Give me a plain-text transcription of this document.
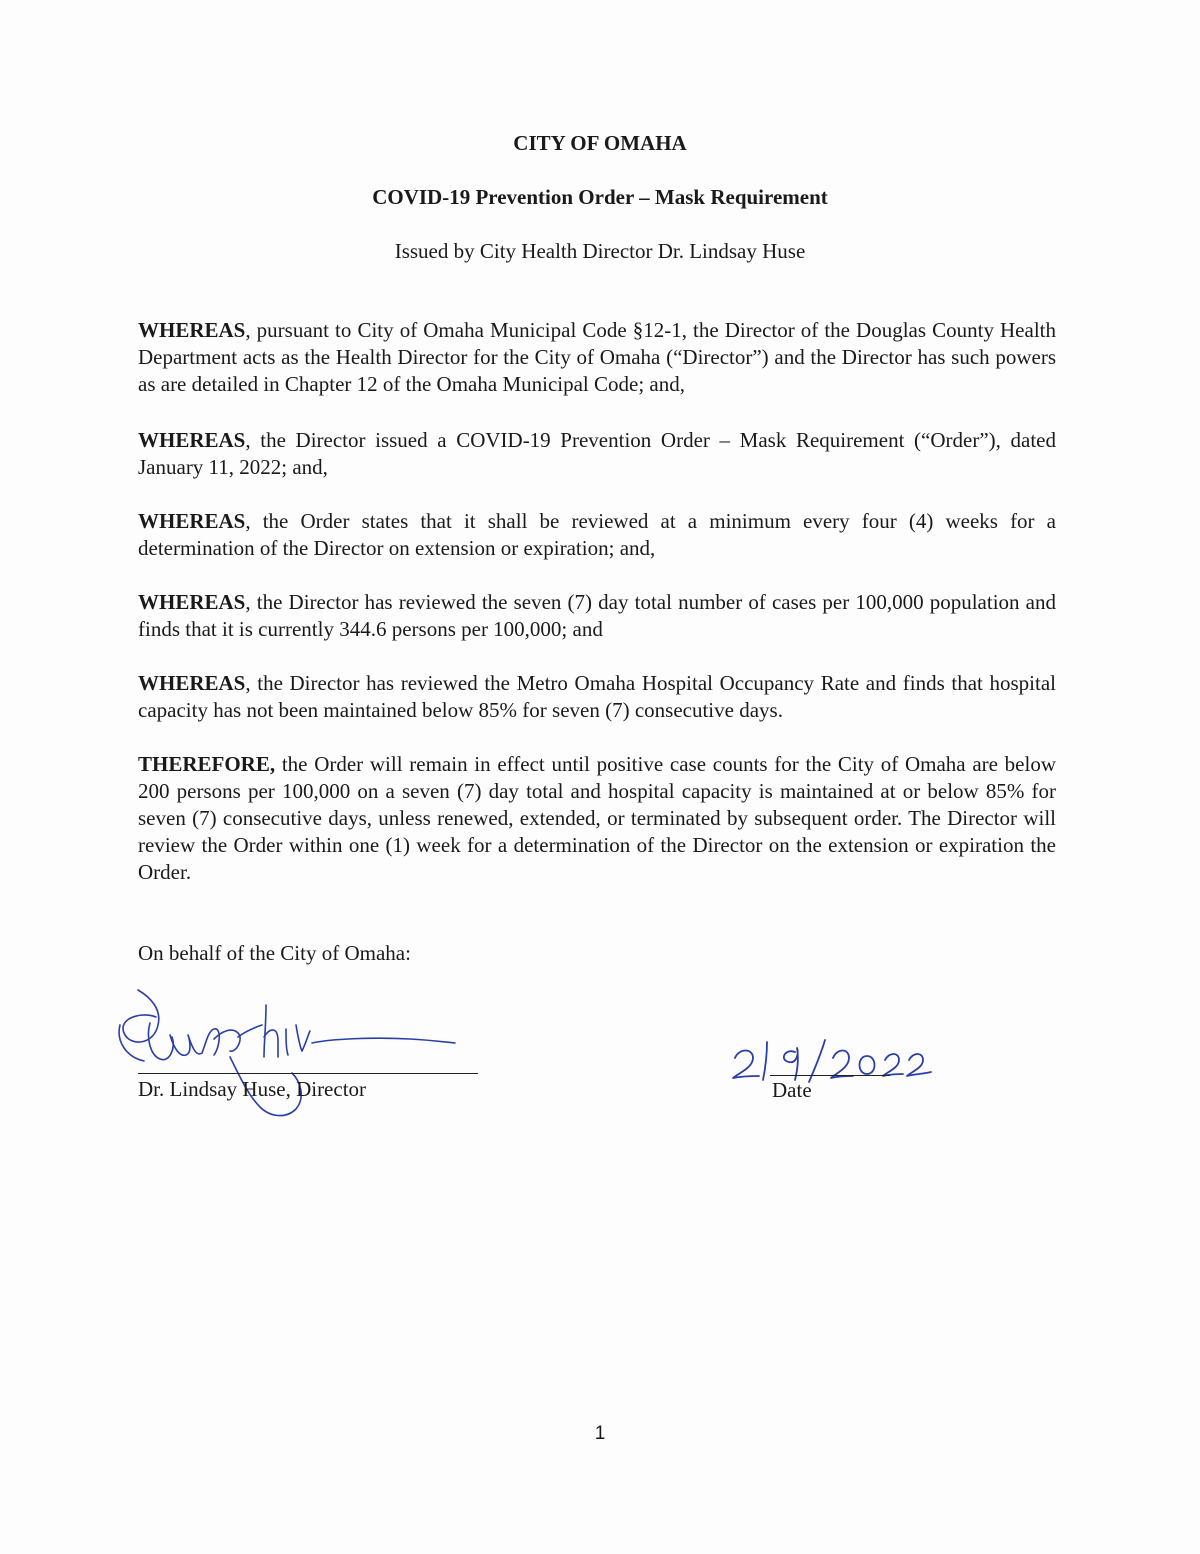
CITY OF OMAHA
COVID-19 Prevention Order – Mask Requirement
Issued by City Health Director Dr. Lindsay Huse

WHEREAS, pursuant to City of Omaha Municipal Code §12-1, the Director of the Douglas County Health Department acts as the Health Director for the City of Omaha (“Director”) and the Director has such powers as are detailed in Chapter 12 of the Omaha Municipal Code; and,

WHEREAS, the Director issued a COVID-19 Prevention Order – Mask Requirement (“Order”), dated January 11, 2022; and,

WHEREAS, the Order states that it shall be reviewed at a minimum every four (4) weeks for a determination of the Director on extension or expiration; and,

WHEREAS, the Director has reviewed the seven (7) day total number of cases per 100,000 population and finds that it is currently 344.6 persons per 100,000; and

WHEREAS, the Director has reviewed the Metro Omaha Hospital Occupancy Rate and finds that hospital capacity has not been maintained below 85% for seven (7) consecutive days.

THEREFORE, the Order will remain in effect until positive case counts for the City of Omaha are below 200 persons per 100,000 on a seven (7) day total and hospital capacity is maintained at or below 85% for seven (7) consecutive days, unless renewed, extended, or terminated by subsequent order. The Director will review the Order within one (1) week for a determination of the Director on the extension or expiration the Order.

On behalf of the City of Omaha:
Dr. Lindsay Huse, Director	Date
1
